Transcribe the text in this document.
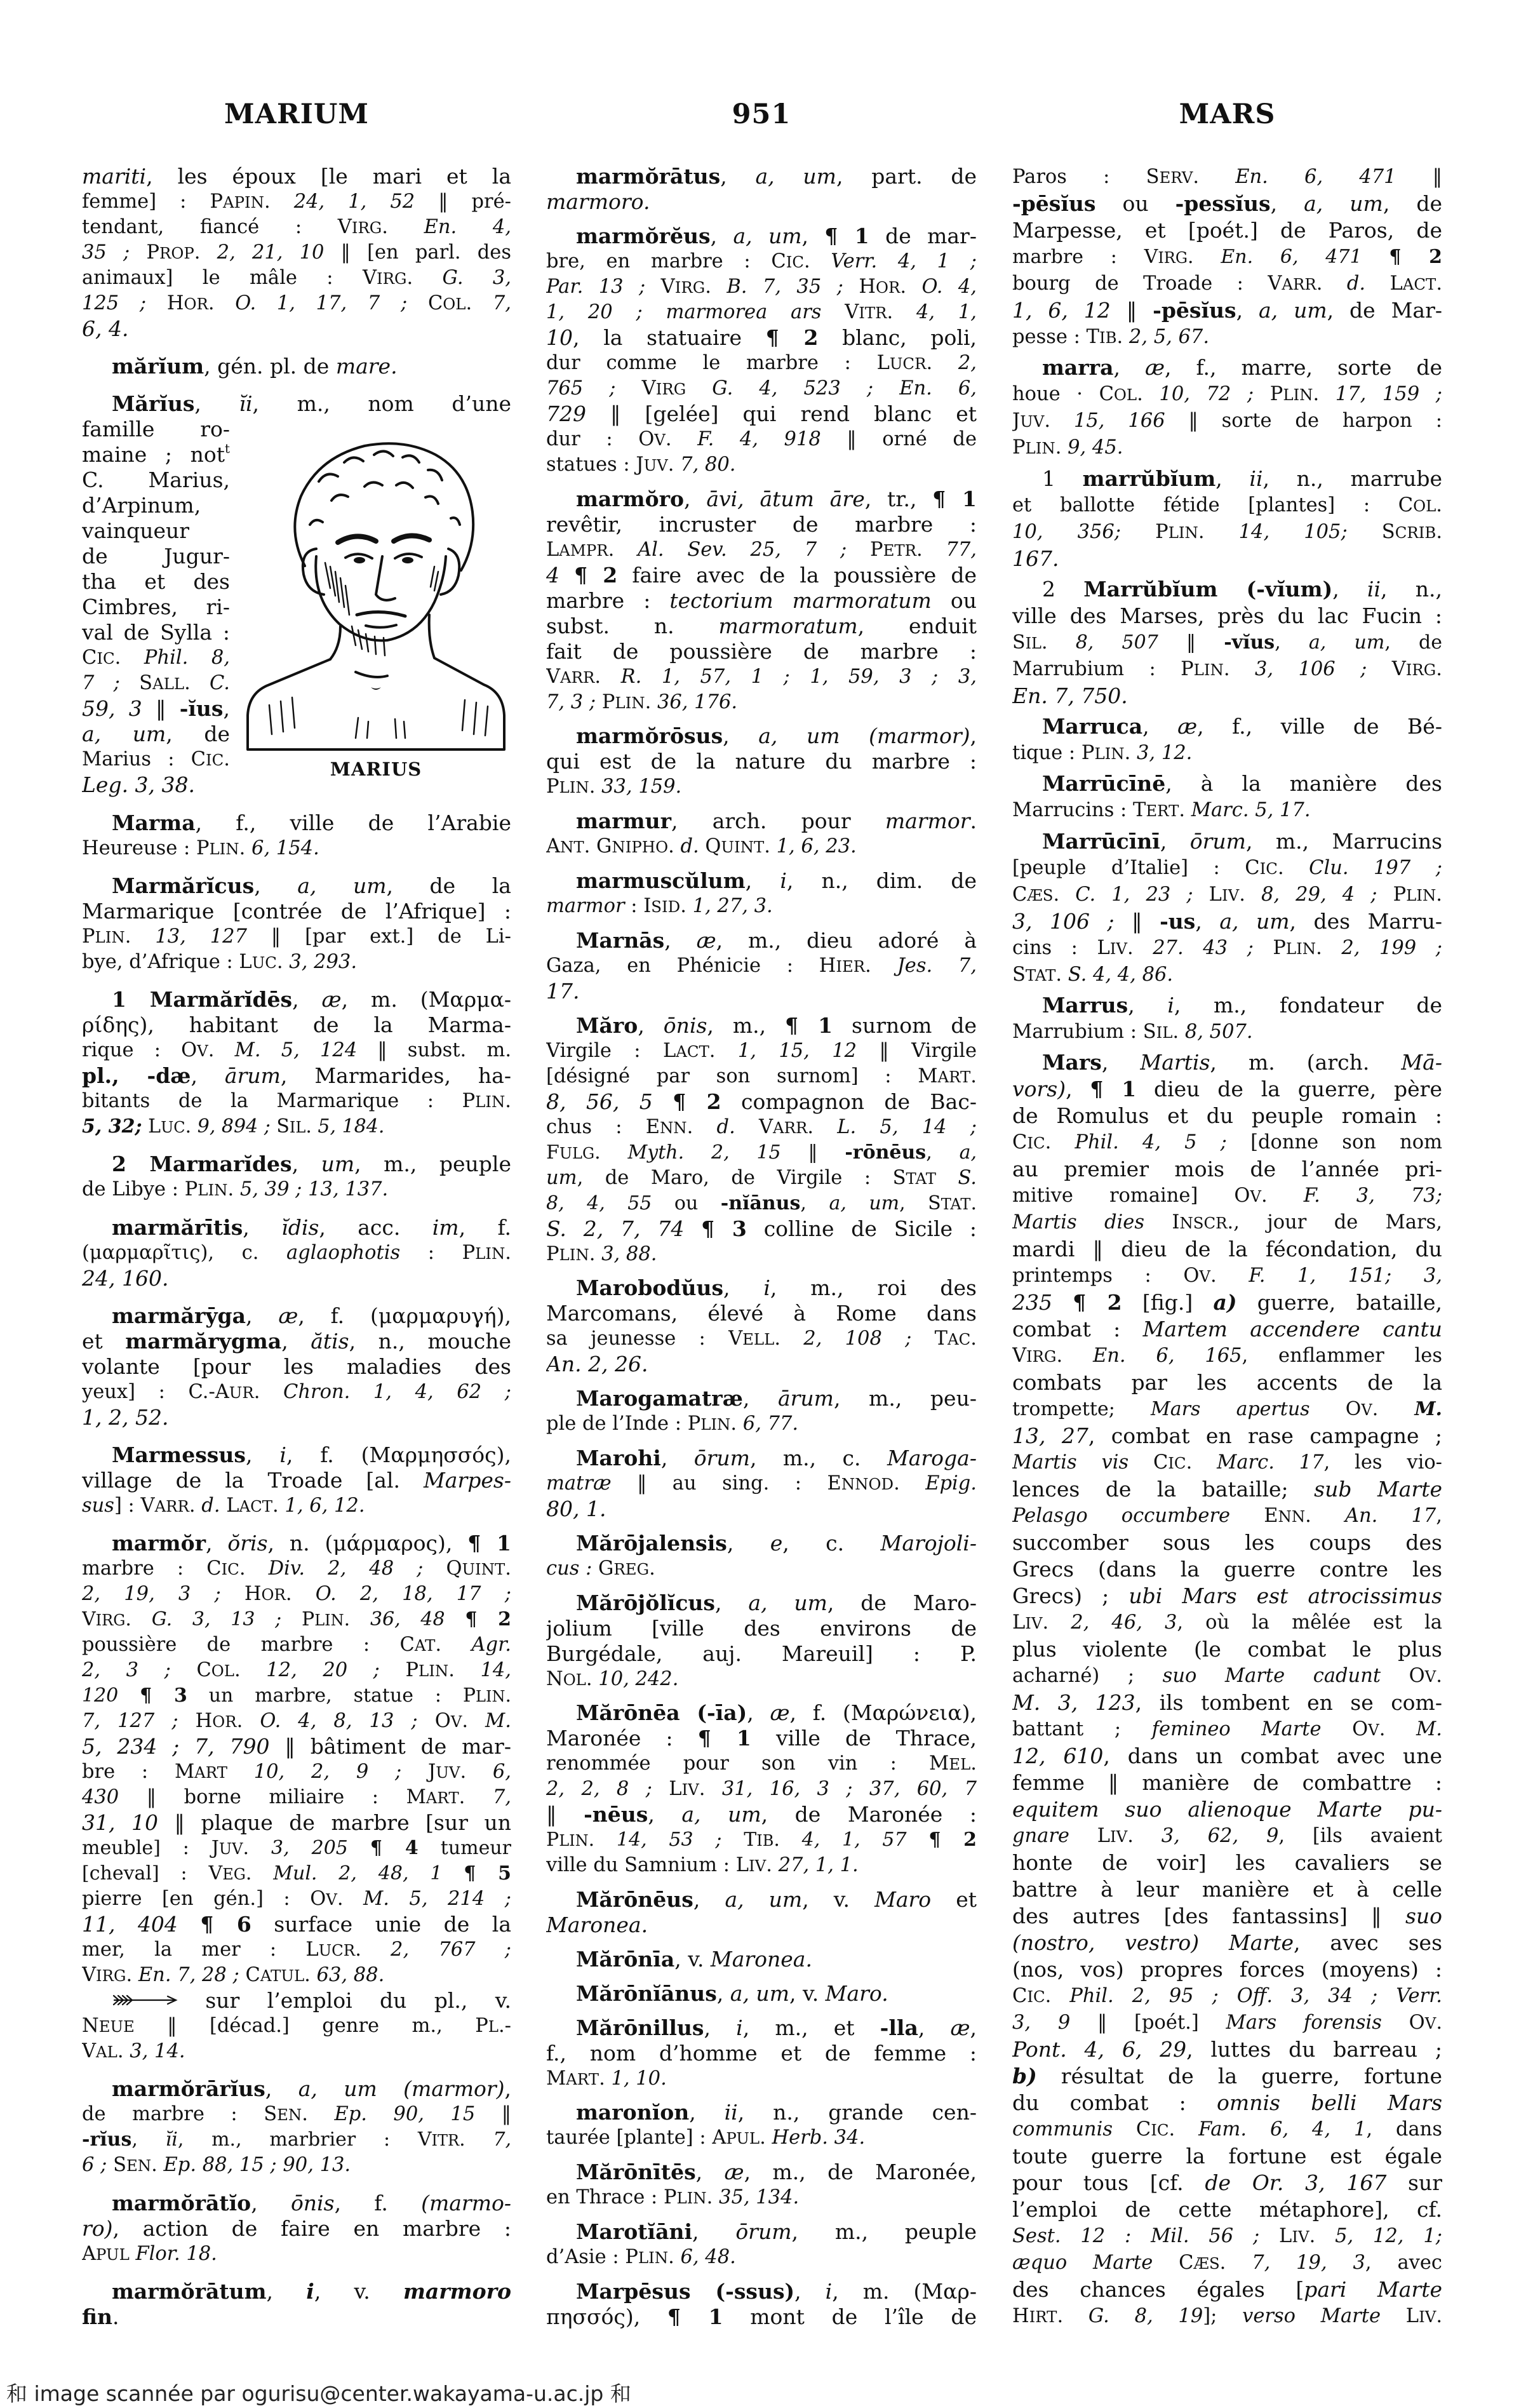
MARIUM	951	MARS
mariti, les époux [le mari et la
femme] : PAPIN. 24, 1, 52 ‖ pré-
tendant, fiancé : VIRG. En. 4,
35 ; PROP. 2, 21, 10 ‖ [en parl. des
animaux] le mâle : VIRG. G. 3,
125 ; HOR. O. 1, 17, 7 ; COL. 7,
6, 4.
mărĭum, gén. pl. de mare.
Mărĭus, ĭi, m., nom d’une
famille ro-
maine ; not$^t$
C. Marius,
d’Arpinum,
vainqueur
de Jugur-
tha et des
Cimbres, ri-
val de Sylla :
CIC. Phil. 8,
7 ; SALL. C.
59, 3 ‖ -ĭus,
a, um, de
Marius : CIC.
Leg. 3, 38.
Marma, f., ville de l’Arabie
Heureuse : PLIN. 6, 154.
Marmărĭcus, a, um, de la
Marmarique [contrée de l’Afrique] :
PLIN. 13, 127 ‖ [par ext.] de Li-
bye, d’Afrique : LUC. 3, 293.
1 Marmărĭdēs, æ, m. (Μαρμα-
ρίδης), habitant de la Marma-
rique : OV. M. 5, 124 ‖ subst. m.
pl., -dæ, ārum, Marmarides, ha-
bitants de la Marmarique : PLIN.
5, 32; LUC. 9, 894 ; SIL. 5, 184.
2 Marmarĭdes, um, m., peuple
de Libye : PLIN. 5, 39 ; 13, 137.
marmărītis, ĭdis, acc. im, f.
(μαρμαρῖτις), c. aglaophotis : PLIN.
24, 160.
marmărȳga, æ, f. (μαρμαρυγή),
et marmărygma, ătis, n., mouche
volante [pour les maladies des
yeux] : C.-AUR. Chron. 1, 4, 62 ;
1, 2, 52.
Marmessus, i, f. (Μαρμησσός),
village de la Troade [al. Marpes-
sus] : VARR. d. LACT. 1, 6, 12.
marmŏr, ŏris, n. (μάρμαρος), ¶ 1
marbre : CIC. Div. 2, 48 ; QUINT.
2, 19, 3 ; HOR. O. 2, 18, 17 ;
VIRG. G. 3, 13 ; PLIN. 36, 48 ¶ 2
poussière de marbre : CAT. Agr.
2, 3 ; COL. 12, 20 ; PLIN. 14,
120 ¶ 3 un marbre, statue : PLIN.
7, 127 ; HOR. O. 4, 8, 13 ; OV. M.
5, 234 ; 7, 790 ‖ bâtiment de mar-
bre : MART 10, 2, 9 ; JUV. 6,
430 ‖ borne miliaire : MART. 7,
31, 10 ‖ plaque de marbre [sur un
meuble] : JUV. 3, 205 ¶ 4 tumeur
[cheval] : VEG. Mul. 2, 48, 1 ¶ 5
pierre [en gén.] : OV. M. 5, 214 ;
11, 404 ¶ 6 surface unie de la
mer, la mer : LUCR. 2, 767 ;
VIRG. En. 7, 28 ; CATUL. 63, 88.
sur l’emploi du pl., v.
NEUE ‖ [décad.] genre m., PL.-
VAL. 3, 14.
marmŏrārĭus, a, um (marmor),
de marbre : SEN. Ep. 90, 15 ‖
-rĭus, ĭi, m., marbrier : VITR. 7,
6 ; SEN. Ep. 88, 15 ; 90, 13.
marmŏrātĭo, ōnis, f. (marmo-
ro), action de faire en marbre :
APUL Flor. 18.
marmŏrātum, i, v. marmoro
fin.
marmŏrātus, a, um, part. de
marmoro.
marmŏrĕus, a, um, ¶ 1 de mar-
bre, en marbre : CIC. Verr. 4, 1 ;
Par. 13 ; VIRG. B. 7, 35 ; HOR. O. 4,
1, 20 ; marmorea ars VITR. 4, 1,
10, la statuaire ¶ 2 blanc, poli,
dur comme le marbre : LUCR. 2,
765 ; VIRG G. 4, 523 ; En. 6,
729 ‖ [gelée] qui rend blanc et
dur : OV. F. 4, 918 ‖ orné de
statues : JUV. 7, 80.
marmŏro, āvi, ātum āre, tr., ¶ 1
revêtir, incruster de marbre :
LAMPR. Al. Sev. 25, 7 ; PETR. 77,
4 ¶ 2 faire avec de la poussière de
marbre : tectorium marmoratum ou
subst. n. marmoratum, enduit
fait de poussière de marbre :
VARR. R. 1, 57, 1 ; 1, 59, 3 ; 3,
7, 3 ; PLIN. 36, 176.
marmŏrōsus, a, um (marmor),
qui est de la nature du marbre :
PLIN. 33, 159.
marmur, arch. pour marmor.
ANT. GNIPHO. d. QUINT. 1, 6, 23.
marmuscŭlum, i, n., dim. de
marmor : ISID. 1, 27, 3.
Marnās, æ, m., dieu adoré à
Gaza, en Phénicie : HIER. Jes. 7,
17.
Măro, ōnis, m., ¶ 1 surnom de
Virgile : LACT. 1, 15, 12 ‖ Virgile
[désigné par son surnom] : MART.
8, 56, 5 ¶ 2 compagnon de Bac-
chus : ENN. d. VARR. L. 5, 14 ;
FULG. Myth. 2, 15 ‖ -rōnēus, a,
um, de Maro, de Virgile : STAT S.
8, 4, 55 ou -nĭānus, a, um, STAT.
S. 2, 7, 74 ¶ 3 colline de Sicile :
PLIN. 3, 88.
Marobodŭus, i, m., roi des
Marcomans, élevé à Rome dans
sa jeunesse : VELL. 2, 108 ; TAC.
An. 2, 26.
Marogamatræ, ārum, m., peu-
ple de l’Inde : PLIN. 6, 77.
Marohi, ōrum, m., c. Maroga-
matræ ‖ au sing. : ENNOD. Epig.
80, 1.
Mărōjalensis, e, c. Marojoli-
cus : GREG.
Mărōjŏlĭcus, a, um, de Maro-
jolium [ville des environs de
Burgédale, auj. Mareuil] : P.
NOL. 10, 242.
Mărōnēa (-īa), æ, f. (Μαρώνεια),
Maronée : ¶ 1 ville de Thrace,
renommée pour son vin : MEL.
2, 2, 8 ; LIV. 31, 16, 3 ; 37, 60, 7
‖ -nēus, a, um, de Maronée :
PLIN. 14, 53 ; TIB. 4, 1, 57 ¶ 2
ville du Samnium : LIV. 27, 1, 1.
Mărōnēus, a, um, v. Maro et
Maronea.
Mărōnīa, v. Maronea.
Mărōnĭānus, a, um, v. Maro.
Mărōnillus, i, m., et -lla, æ,
f., nom d’homme et de femme :
MART. 1, 10.
maronĭon, ii, n., grande cen-
taurée [plante] : APUL. Herb. 34.
Mărōnītēs, æ, m., de Maronée,
en Thrace : PLIN. 35, 134.
Marotĭāni, ōrum, m., peuple
d’Asie : PLIN. 6, 48.
Marpēsus (-ssus), i, m. (Μαρ-
πησσός), ¶ 1 mont de l’île de
Paros : SERV. En. 6, 471 ‖
-pēsĭus ou -pessĭus, a, um, de
Marpesse, et [poét.] de Paros, de
marbre : VIRG. En. 6, 471 ¶ 2
bourg de Troade : VARR. d. LACT.
1, 6, 12 ‖ -pēsĭus, a, um, de Mar-
pesse : TIB. 2, 5, 67.
marra, æ, f., marre, sorte de
houe · COL. 10, 72 ; PLIN. 17, 159 ;
JUV. 15, 166 ‖ sorte de harpon :
PLIN. 9, 45.
1 marrŭbĭum, ii, n., marrube
et ballotte fétide [plantes] : COL.
10, 356; PLIN. 14, 105; SCRIB.
167.
2 Marrŭbĭum (-vĭum), ii, n.,
ville des Marses, près du lac Fucin :
SIL. 8, 507 ‖ -vĭus, a, um, de
Marrubium : PLIN. 3, 106 ; VIRG.
En. 7, 750.
Marruca, æ, f., ville de Bé-
tique : PLIN. 3, 12.
Marrūcīnē, à la manière des
Marrucins : TERT. Marc. 5, 17.
Marrūcīnī, ōrum, m., Marrucins
[peuple d’Italie] : CIC. Clu. 197 ;
CÆS. C. 1, 23 ; LIV. 8, 29, 4 ; PLIN.
3, 106 ; ‖ -us, a, um, des Marru-
cins : LIV. 27. 43 ; PLIN. 2, 199 ;
STAT. S. 4, 4, 86.
Marrus, i, m., fondateur de
Marrubium : SIL. 8, 507.
Mars, Martis, m. (arch. Mā-
vors), ¶ 1 dieu de la guerre, père
de Romulus et du peuple romain :
CIC. Phil. 4, 5 ; [donne son nom
au premier mois de l’année pri-
mitive romaine] OV. F. 3, 73;
Martis dies INSCR., jour de Mars,
mardi ‖ dieu de la fécondation, du
printemps : OV. F. 1, 151; 3,
235 ¶ 2 [fig.] a) guerre, bataille,
combat : Martem accendere cantu
VIRG. En. 6, 165, enflammer les
combats par les accents de la
trompette; Mars apertus OV. M.
13, 27, combat en rase campagne ;
Martis vis CIC. Marc. 17, les vio-
lences de la bataille; sub Marte
Pelasgo occumbere ENN. An. 17,
succomber sous les coups des
Grecs (dans la guerre contre les
Grecs) ; ubi Mars est atrocissimus
LIV. 2, 46, 3, où la mêlée est la
plus violente (le combat le plus
acharné) ; suo Marte cadunt OV.
M. 3, 123, ils tombent en se com-
battant ; femineo Marte OV. M.
12, 610, dans un combat avec une
femme ‖ manière de combattre :
equitem suo alienoque Marte pu-
gnare LIV. 3, 62, 9, [ils avaient
honte de voir] les cavaliers se
battre à leur manière et à celle
des autres [des fantassins] ‖ suo
(nostro, vestro) Marte, avec ses
(nos, vos) propres forces (moyens) :
CIC. Phil. 2, 95 ; Off. 3, 34 ; Verr.
3, 9 ‖ [poét.] Mars forensis OV.
Pont. 4, 6, 29, luttes du barreau ;
b) résultat de la guerre, fortune
du combat : omnis belli Mars
communis CIC. Fam. 6, 4, 1, dans
toute guerre la fortune est égale
pour tous [cf. de Or. 3, 167 sur
l’emploi de cette métaphore], cf.
Sest. 12 : Mil. 56 ; LIV. 5, 12, 1;
æquo Marte CÆS. 7, 19, 3, avec
des chances égales [pari Marte
HIRT. G. 8, 19]; verso Marte LIV.
MARIUS
和 image scannée par ogurisu@center.wakayama-u.ac.jp 和
